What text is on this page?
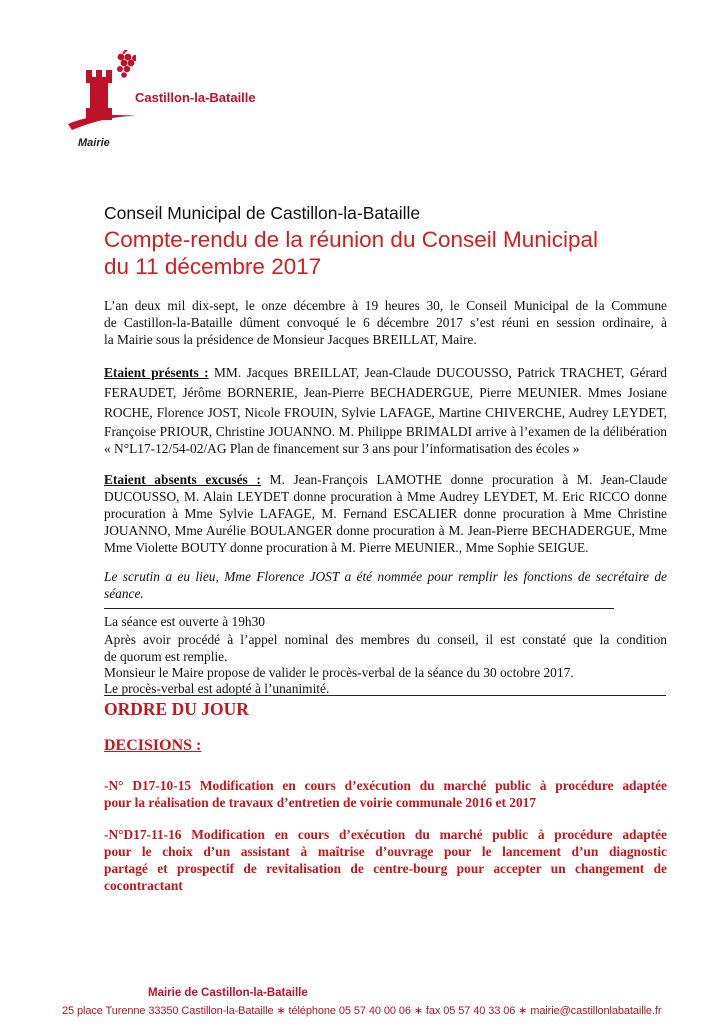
Castillon-la-Bataille
Mairie
Conseil Municipal de Castillon-la-Bataille
Compte-rendu de la réunion du Conseil Municipal
du 11 décembre 2017
L’an deux mil dix-sept, le onze décembre à 19 heures 30, le Conseil Municipal de la Commune
de Castillon-la-Bataille dûment convoqué le 6 décembre 2017 s’est réuni en session ordinaire, à
la Mairie sous la présidence de Monsieur Jacques BREILLAT, Maire.
Etaient présents : MM. Jacques BREILLAT, Jean-Claude DUCOUSSO, Patrick TRACHET, Gérard
FERAUDET, Jérôme BORNERIE, Jean-Pierre BECHADERGUE, Pierre MEUNIER. Mmes Josiane
ROCHE, Florence JOST, Nicole FROUIN, Sylvie LAFAGE, Martine CHIVERCHE, Audrey LEYDET,
Françoise PRIOUR, Christine JOUANNO. M. Philippe BRIMALDI arrive à l’examen de la délibération
« N°L17-12/54-02/AG Plan de financement sur 3 ans pour l’informatisation des écoles »
Etaient absents excusés : M. Jean-François LAMOTHE donne procuration à M. Jean-Claude
DUCOUSSO, M. Alain LEYDET donne procuration à Mme Audrey LEYDET, M. Eric RICCO donne
procuration à Mme Sylvie LAFAGE, M. Fernand ESCALIER donne procuration à Mme Christine
JOUANNO, Mme Aurélie BOULANGER donne procuration à M. Jean-Pierre BECHADERGUE, Mme
Mme Violette BOUTY donne procuration à M. Pierre MEUNIER., Mme Sophie SEIGUE.
Le scrutin a eu lieu, Mme Florence JOST a été nommée pour remplir les fonctions de secrétaire de
séance.
La séance est ouverte à 19h30
Après avoir procédé à l’appel nominal des membres du conseil, il est constaté que la condition
de quorum est remplie.
Monsieur le Maire propose de valider le procès-verbal de la séance du 30 octobre 2017.
Le procès-verbal est adopté à l’unanimité.
ORDRE DU JOUR
DECISIONS :
-N° D17-10-15 Modification en cours d’exécution du marché public à procédure adaptée
pour la réalisation de travaux d’entretien de voirie communale 2016 et 2017
-N°D17-11-16 Modification en cours d’exécution du marché public à procédure adaptée
pour le choix d’un assistant à maîtrise d’ouvrage pour le lancement d’un diagnostic
partagé et prospectif de revitalisation de centre-bourg pour accepter un changement de
cocontractant
Mairie de Castillon-la-Bataille
25 place Turenne 33350 Castillon-la-Bataille ∗ téléphone 05 57 40 00 06 ∗ fax 05 57 40 33 06 ∗ mairie@castillonlabataille.fr
